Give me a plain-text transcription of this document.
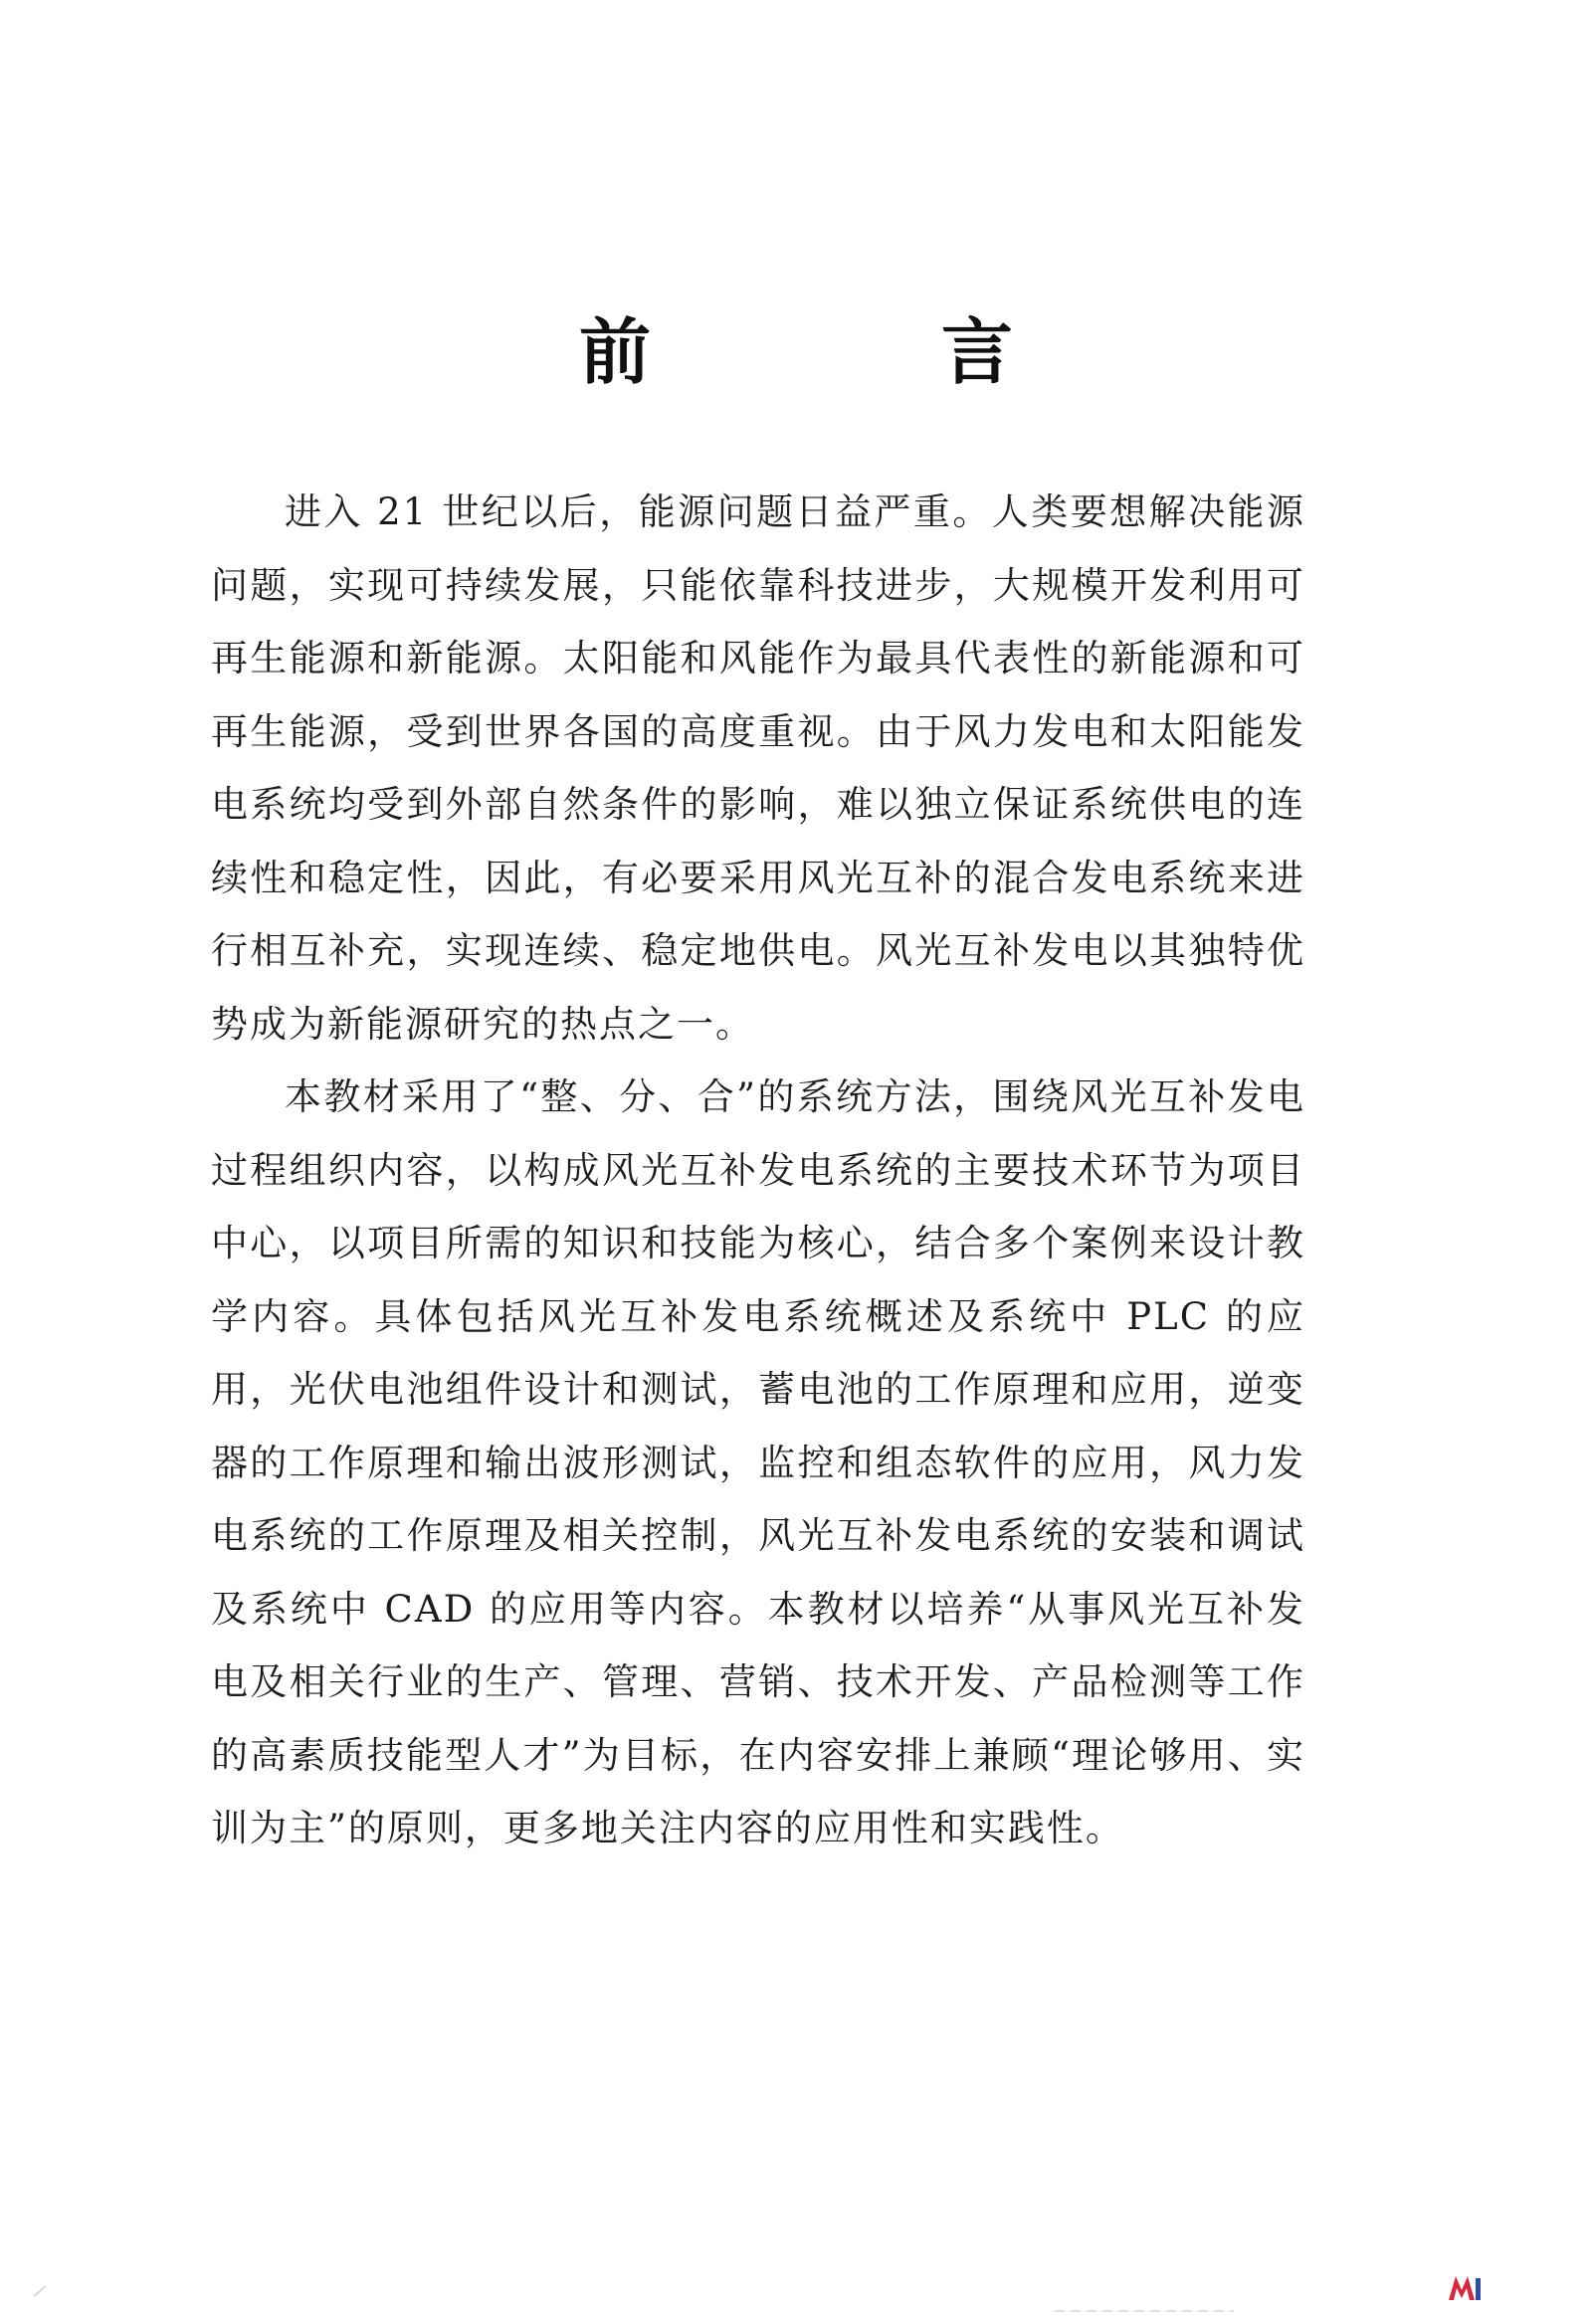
前　言

进入 21 世纪以后，能源问题日益严重。人类要想解决能源问题，实现可持续发展，只能依靠科技进步，大规模开发利用可再生能源和新能源。太阳能和风能作为最具代表性的新能源和可再生能源，受到世界各国的高度重视。由于风力发电和太阳能发电系统均受到外部自然条件的影响，难以独立保证系统供电的连续性和稳定性，因此，有必要采用风光互补的混合发电系统来进行相互补充，实现连续、稳定地供电。风光互补发电以其独特优势成为新能源研究的热点之一。

本教材采用了“整、分、合”的系统方法，围绕风光互补发电过程组织内容，以构成风光互补发电系统的主要技术环节为项目中心，以项目所需的知识和技能为核心，结合多个案例来设计教学内容。具体包括风光互补发电系统概述及系统中 PLC 的应用，光伏电池组件设计和测试，蓄电池的工作原理和应用，逆变器的工作原理和输出波形测试，监控和组态软件的应用，风力发电系统的工作原理及相关控制，风光互补发电系统的安装和调试及系统中 CAD 的应用等内容。本教材以培养“从事风光互补发电及相关行业的生产、管理、营销、技术开发、产品检测等工作的高素质技能型人才”为目标，在内容安排上兼顾“理论够用、实训为主”的原则，更多地关注内容的应用性和实践性。
